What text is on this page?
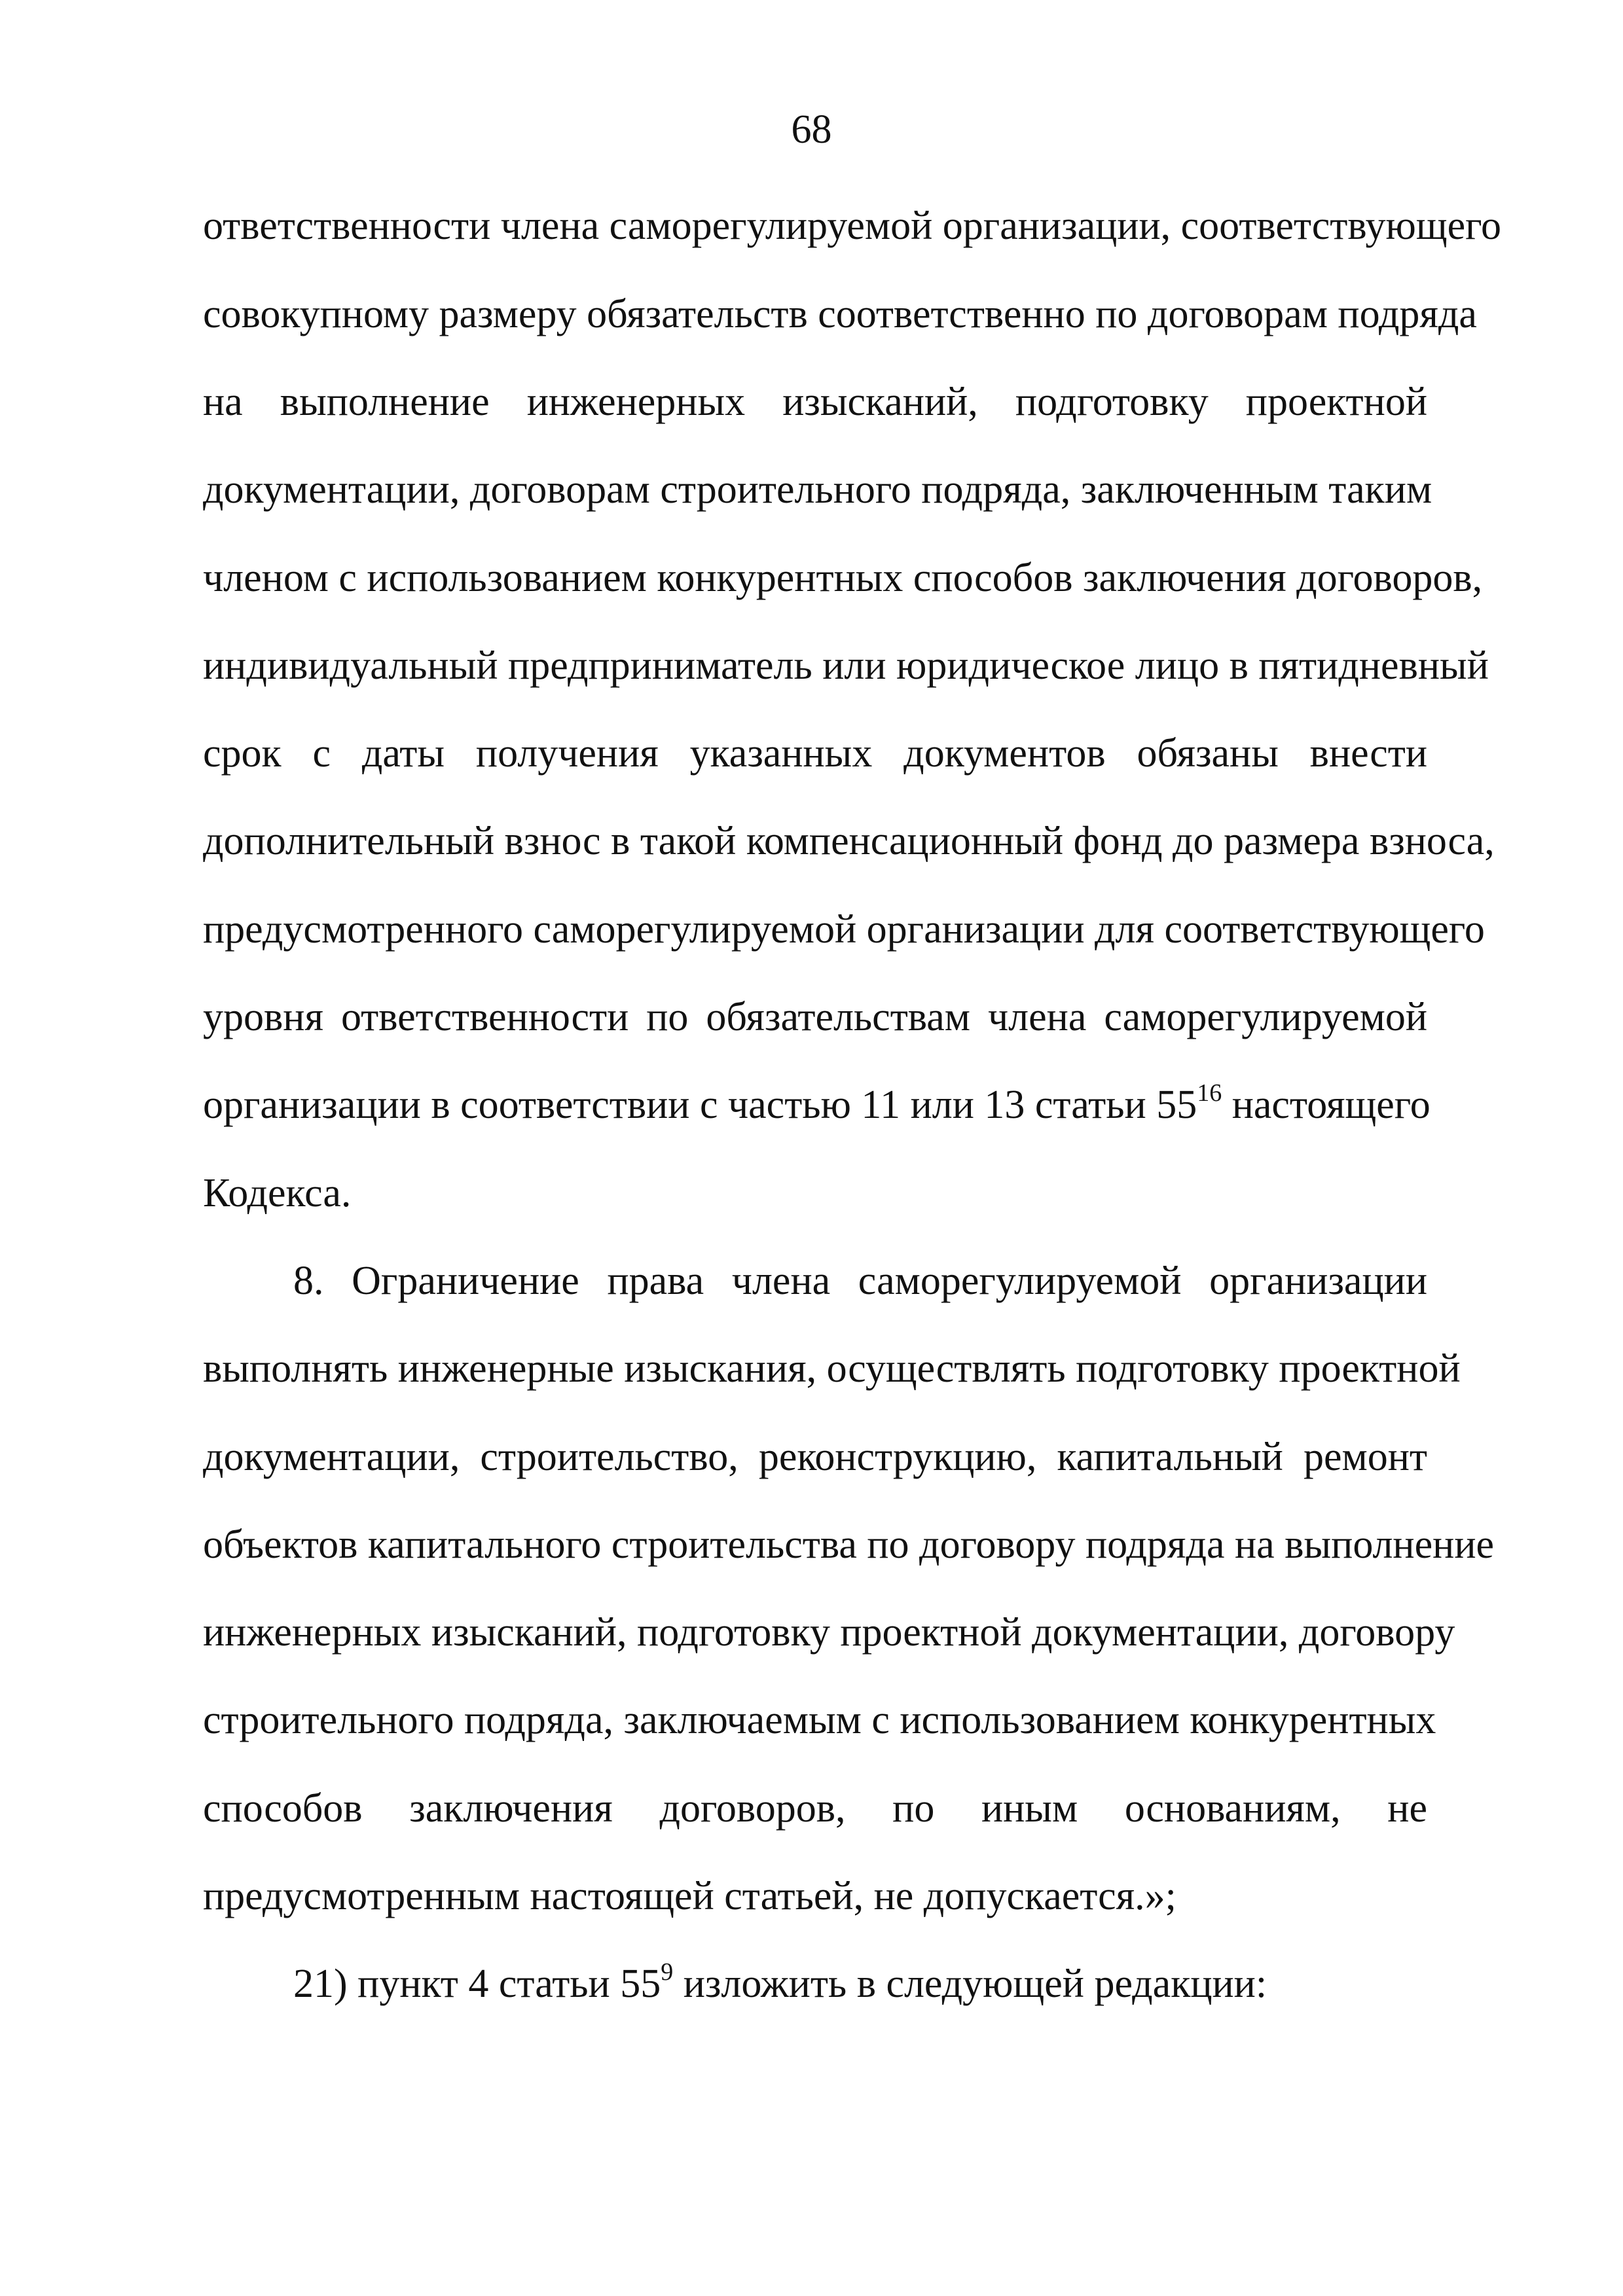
68
ответственности члена саморегулируемой организации, соответствующего
совокупному размеру обязательств соответственно по договорам подряда
на выполнение инженерных изысканий, подготовку проектной
документации, договорам строительного подряда, заключенным таким
членом с использованием конкурентных способов заключения договоров,
индивидуальный предприниматель или юридическое лицо в пятидневный
срок с даты получения указанных документов обязаны внести
дополнительный взнос в такой компенсационный фонд до размера взноса,
предусмотренного саморегулируемой организации для соответствующего
уровня ответственности по обязательствам члена саморегулируемой
организации в соответствии с частью 11 или 13 статьи $55^{16}$ настоящего
Кодекса.
8. Ограничение права члена саморегулируемой организации
выполнять инженерные изыскания, осуществлять подготовку проектной
документации, строительство, реконструкцию, капитальный ремонт
объектов капитального строительства по договору подряда на выполнение
инженерных изысканий, подготовку проектной документации, договору
строительного подряда, заключаемым с использованием конкурентных
способов заключения договоров, по иным основаниям, не
предусмотренным настоящей статьей, не допускается.»;
21) пункт 4 статьи $55^9$ изложить в следующей редакции:
